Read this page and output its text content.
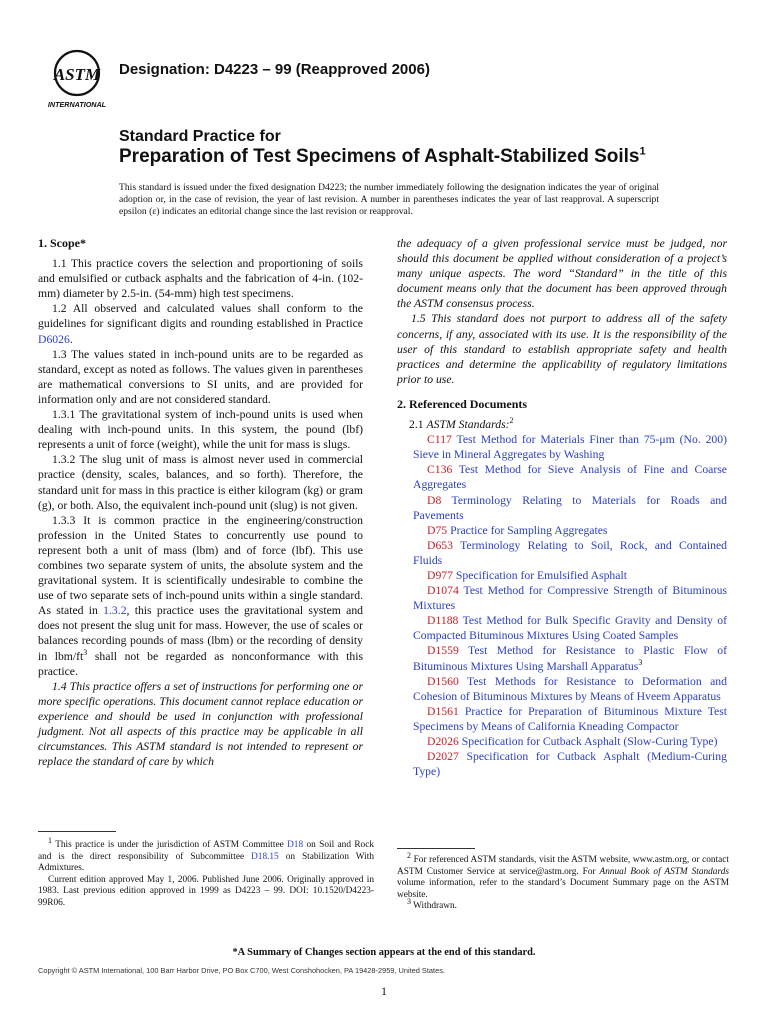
ASTM
INTERNATIONAL
Designation: D4223 – 99 (Reapproved 2006)
Standard Practice for
Preparation of Test Specimens of Asphalt-Stabilized Soils$^1$
This standard is issued under the fixed designation D4223; the number immediately following the designation indicates the year of original adoption or, in the case of revision, the year of last revision. A number in parentheses indicates the year of last reapproval. A superscript epsilon (ε) indicates an editorial change since the last revision or reapproval.
1. Scope*

1.1 This practice covers the selection and proportioning of soils and emulsified or cutback asphalts and the fabrication of 4-in. (102-mm) diameter by 2.5-in. (54-mm) high test specimens.

1.2 All observed and calculated values shall conform to the guidelines for significant digits and rounding established in Practice D6026.

1.3 The values stated in inch-pound units are to be regarded as standard, except as noted as follows. The values given in parentheses are mathematical conversions to SI units, and are provided for information only and are not considered standard.

1.3.1 The gravitational system of inch-pound units is used when dealing with inch-pound units. In this system, the pound (lbf) represents a unit of force (weight), while the unit for mass is slugs.

1.3.2 The slug unit of mass is almost never used in commercial practice (density, scales, balances, and so forth). Therefore, the standard unit for mass in this practice is either kilogram (kg) or gram (g), or both. Also, the equivalent inch-pound unit (slug) is not given.

1.3.3 It is common practice in the engineering/construction profession in the United States to concurrently use pound to represent both a unit of mass (lbm) and of force (lbf). This use combines two separate system of units, the absolute system and the gravitational system. It is scientifically undesirable to combine the use of two separate sets of inch-pound units within a single standard. As stated in 1.3.2, this practice uses the gravitational system and does not present the slug unit for mass. However, the use of scales or balances recording pounds of mass (lbm) or the recording of density in lbm/$ft^3$ shall not be regarded as nonconformance with this practice.

1.4 This practice offers a set of instructions for performing one or more specific operations. This document cannot replace education or experience and should be used in conjunction with professional judgment. Not all aspects of this practice may be applicable in all circumstances. This ASTM standard is not intended to represent or replace the standard of care by which

the adequacy of a given professional service must be judged, nor should this document be applied without consideration of a project’s many unique aspects. The word “Standard” in the title of this document means only that the document has been approved through the ASTM consensus process.

1.5 This standard does not purport to address all of the safety concerns, if any, associated with its use. It is the responsibility of the user of this standard to establish appropriate safety and health practices and determine the applicability of regulatory limitations prior to use.

2. Referenced Documents

2.1 ASTM Standards:$^2$

C117 Test Method for Materials Finer than 75-μm (No. 200) Sieve in Mineral Aggregates by Washing

C136 Test Method for Sieve Analysis of Fine and Coarse Aggregates

D8 Terminology Relating to Materials for Roads and Pavements

D75 Practice for Sampling Aggregates

D653 Terminology Relating to Soil, Rock, and Contained Fluids

D977 Specification for Emulsified Asphalt

D1074 Test Method for Compressive Strength of Bituminous Mixtures

D1188 Test Method for Bulk Specific Gravity and Density of Compacted Bituminous Mixtures Using Coated Samples

D1559 Test Method for Resistance to Plastic Flow of Bituminous Mixtures Using Marshall Apparatus$^3$

D1560 Test Methods for Resistance to Deformation and Cohesion of Bituminous Mixtures by Means of Hveem Apparatus

D1561 Practice for Preparation of Bituminous Mixture Test Specimens by Means of California Kneading Compactor

D2026 Specification for Cutback Asphalt (Slow-Curing Type)

D2027 Specification for Cutback Asphalt (Medium-Curing Type)

$^1$ This practice is under the jurisdiction of ASTM Committee D18 on Soil and Rock and is the direct responsibility of Subcommittee D18.15 on Stabilization With Admixtures.

Current edition approved May 1, 2006. Published June 2006. Originally approved in 1983. Last previous edition approved in 1999 as D4223 – 99. DOI: 10.1520/D4223-99R06.

$^2$ For referenced ASTM standards, visit the ASTM website, www.astm.org, or contact ASTM Customer Service at service@astm.org. For Annual Book of ASTM Standards volume information, refer to the standard’s Document Summary page on the ASTM website.

$^3$ Withdrawn.

*A Summary of Changes section appears at the end of this standard.
Copyright © ASTM International, 100 Barr Harbor Drive, PO Box C700, West Conshohocken, PA 19428-2959, United States.
1
